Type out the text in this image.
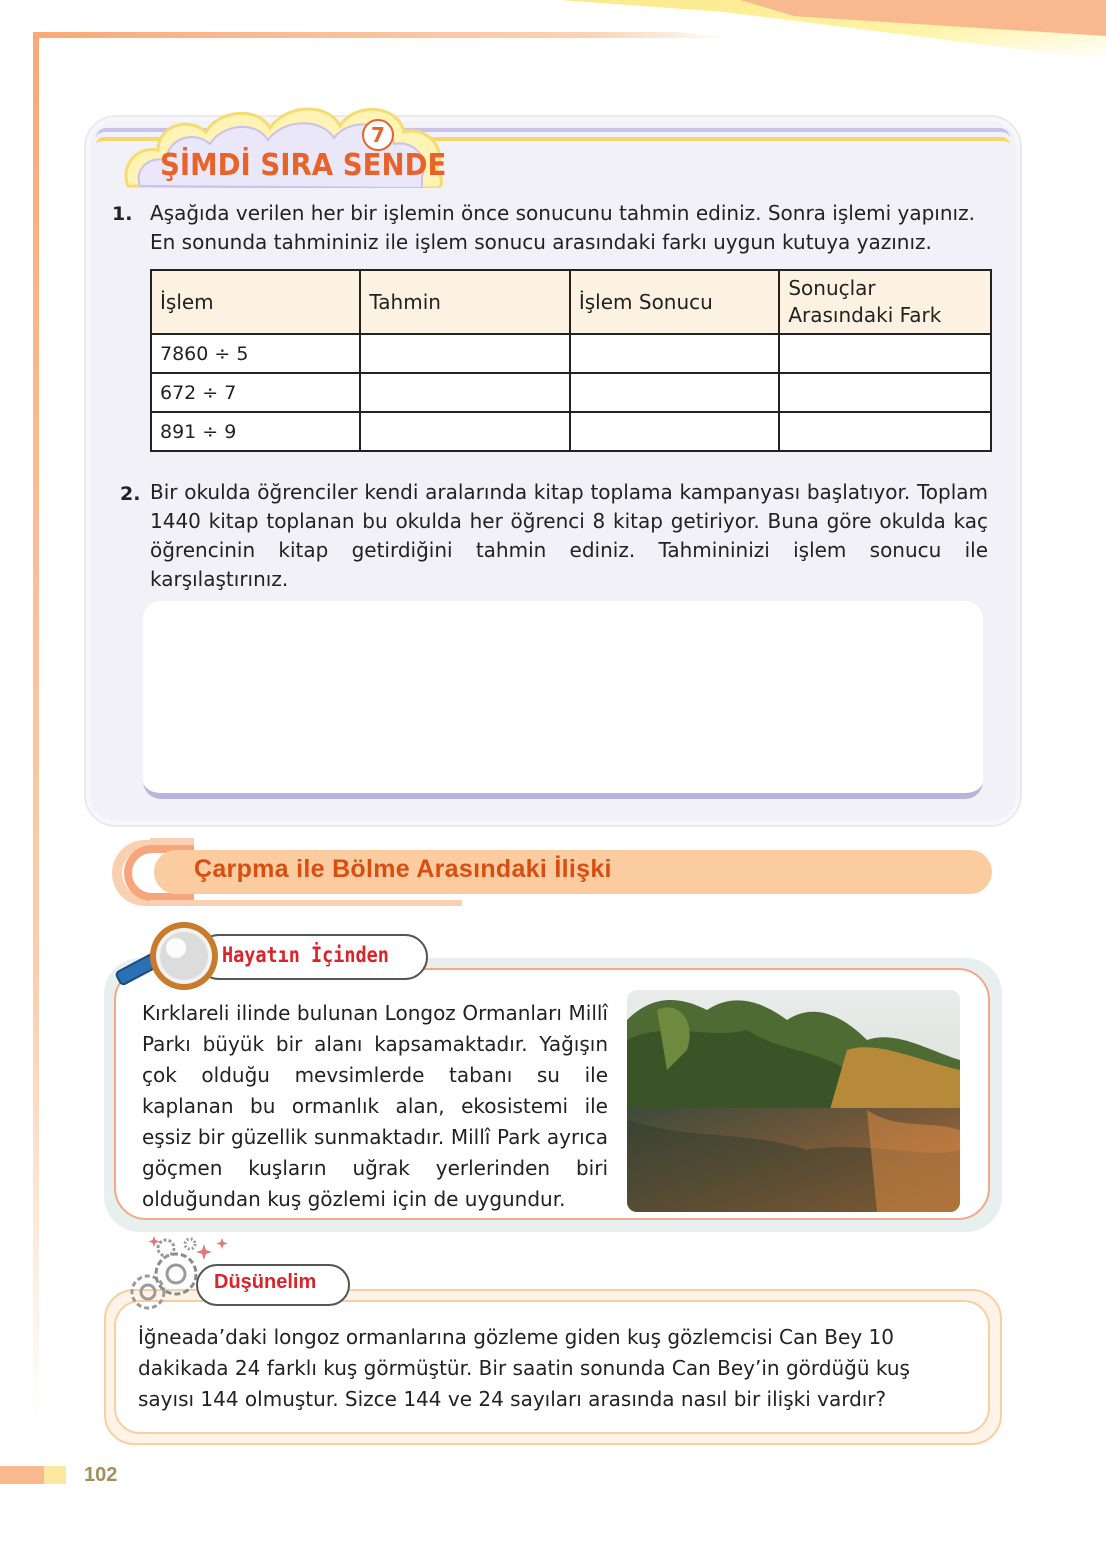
7
ŞİMDİ SIRA SENDE
1. Aşağıda verilen her bir işlemin önce sonucunu tahmin ediniz. Sonra işlemi yapınız. En sonunda tahmininiz ile işlem sonucu arasındaki farkı uygun kutuya yazınız.
İşlem	Tahmin	İşlem Sonucu	Sonuçlar Arasındaki Fark
7860 ÷ 5			
672 ÷ 7			
891 ÷ 9			
2. Bir okulda öğrenciler kendi aralarında kitap toplama kampanyası başlatıyor. Toplam 1440 kitap toplanan bu okulda her öğrenci 8 kitap getiriyor. Buna göre okulda kaç öğrencinin kitap getirdiğini tahmin ediniz. Tahmininizi işlem sonucu ile karşılaştırınız.
Çarpma ile Bölme Arasındaki İlişki
Hayatın İçinden
Kırklareli ilinde bulunan Longoz Ormanları Millî Parkı büyük bir alanı kapsamaktadır. Yağışın çok olduğu mevsimlerde tabanı su ile kaplanan bu ormanlık alan, ekosistemi ile eşsiz bir güzellik sunmaktadır. Millî Park ayrıca göçmen kuşların uğrak yerlerinden biri olduğundan kuş gözlemi için de uygundur.
Düşünelim
İğneada’daki longoz ormanlarına gözleme giden kuş gözlemcisi Can Bey 10 dakikada 24 farklı kuş görmüştür. Bir saatin sonunda Can Bey’in gördüğü kuş sayısı 144 olmuştur. Sizce 144 ve 24 sayıları arasında nasıl bir ilişki vardır?
102
